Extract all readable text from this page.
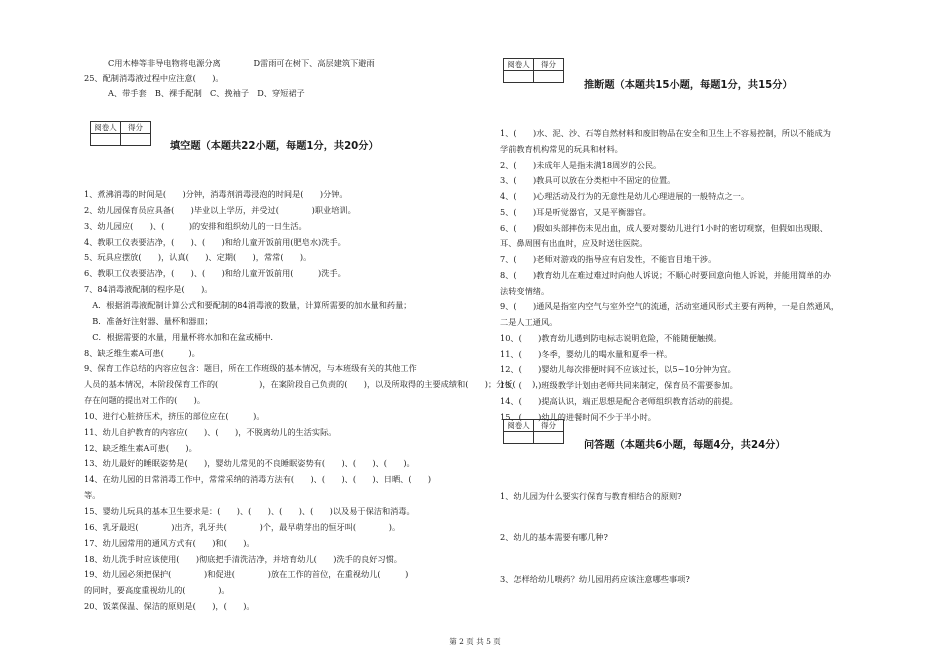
C用木棒等非导电物将电源分离　　　　D雷雨可在树下、高层建筑下避雨
25、配制消毒液过程中应注意(　　)。
A、带手套　B、裸手配制　C、挽袖子　D、穿短裙子
阅卷人	得分

填空题（本题共22小题，每题1分，共20分）
1、煮沸消毒的时间是(　　)分钟，消毒剂消毒浸泡的时间是(　　)分钟。
2、幼儿园保育员应具备(　　)毕业以上学历，并受过(　　　　)职业培训。
3、幼儿园应(　　)、(　　　)的安排和组织幼儿的一日生活。
4、教职工仪表要洁净，(　　)、(　　)和给儿童开饭前用(肥皂水)洗手。
5、玩具应摆放(　　)，认真(　　)、定期(　　)，常常(　　)。
6、教职工仪表要洁净，(　　)、(　　)和给儿童开饭前用(　　　)洗手。
7、84消毒液配制的程序是(　　)。
　A．根据消毒液配制计算公式和要配制的84消毒液的数量，计算所需要的加水量和药量；
　B．准备好注射器、量杯和器皿；
　C．根据需要的水量，用量杯将水加和在盆或桶中.
8、缺乏维生素A可患(　　　)。
9、保育工作总结的内容应包含：题目，所在工作班级的基本情况，与本班级有关的其他工作
人员的基本情况，本阶段保育工作的(　　　　　)，在案阶段自己负责的(　　)，以及所取得的主要成绩和(　　)；分析(　　)，
存在问题的提出对工作的(　　)。
10、进行心脏挤压术，挤压的部位应在(　　　)。
11、幼儿自护教育的内容应(　　)、(　　)，不脱离幼儿的生活实际。
12、缺乏维生素A可患(　　)。
13、幼儿最好的睡眠姿势是(　　)，婴幼儿常见的不良睡眠姿势有(　　)、(　　)、(　　)。
14、在幼儿园的日常消毒工作中，常常采纳的消毒方法有(　　)、(　　)、(　　)、日晒、(　　)
等。
15、婴幼儿玩具的基本卫生要求是：(　　)、(　　)、(　　)、(　　)以及易于保洁和消毒。
16、乳牙最迟(　　　　)出齐，乳牙共(　　　　)个，最早萌芽出的恒牙叫(　　　　)。
17、幼儿园常用的通风方式有(　　)和(　　)。
18、幼儿洗手时应该使用(　　)彻底把手清洗洁净，并培育幼儿(　　)洗手的良好习惯。
19、幼儿园必须把保护(　　　　)和促进(　　　　)放在工作的首位，在重视幼儿(　　　)
的同时，要高度重视幼儿的(　　　　)。
20、饭菜保温、保洁的原则是(　　)，(　　)。
阅卷人	得分

推断题（本题共15小题，每题1分，共15分）
1、(　　)水、泥、沙、石等自然材料和废旧物品在安全和卫生上不容易控制，所以不能成为
学前教育机构常见的玩具和材料。
2、(　　)未成年人是指未满18周岁的公民。
3、(　　)教具可以放在分类柜中不固定的位置。
4、(　　)心理活动及行为的无意性是幼儿心理进展的一般特点之一。
5、(　　)耳是听觉器官，又是平衡器官。
6、(　　)假如头部摔伤未见出血，成人要对婴幼儿进行1小时的密切观察，但假如出现眼、
耳、鼻周围有出血时，应及时送往医院。
7、(　　)老师对游戏的指导应有启发性，不能盲目地干涉。
8、(　　)教育幼儿在难过难过时向他人诉说；不顺心时要回意向他人诉说，并能用简单的办
法转变情绪。
9、(　　)通风是指室内空气与室外空气的流通，活动室通风形式主要有两种，一是自然通风，
二是人工通风。
10、(　　)教育幼儿遇到防电标志说明危险，不能随便触摸。
11、(　　)冬季，婴幼儿的喝水量和夏季一样。
12、(　　)婴幼儿每次排便时间不应该过长，以5~10分钟为宜。
13、(　　)班级教学计划由老师共同来制定，保育员不需要参加。
14、(　　)提高认识，端正思想是配合老师组织教育活动的前提。
15、(　　)幼儿的进餐时间不少于半小时。
阅卷人	得分

问答题（本题共6小题，每题4分，共24分）
1、幼儿园为什么要实行保育与教育相结合的原则?
2、幼儿的基本需要有哪几种?
3、怎样给幼儿喂药？幼儿园用药应该注意哪些事项?
第 2 页 共 5 页
